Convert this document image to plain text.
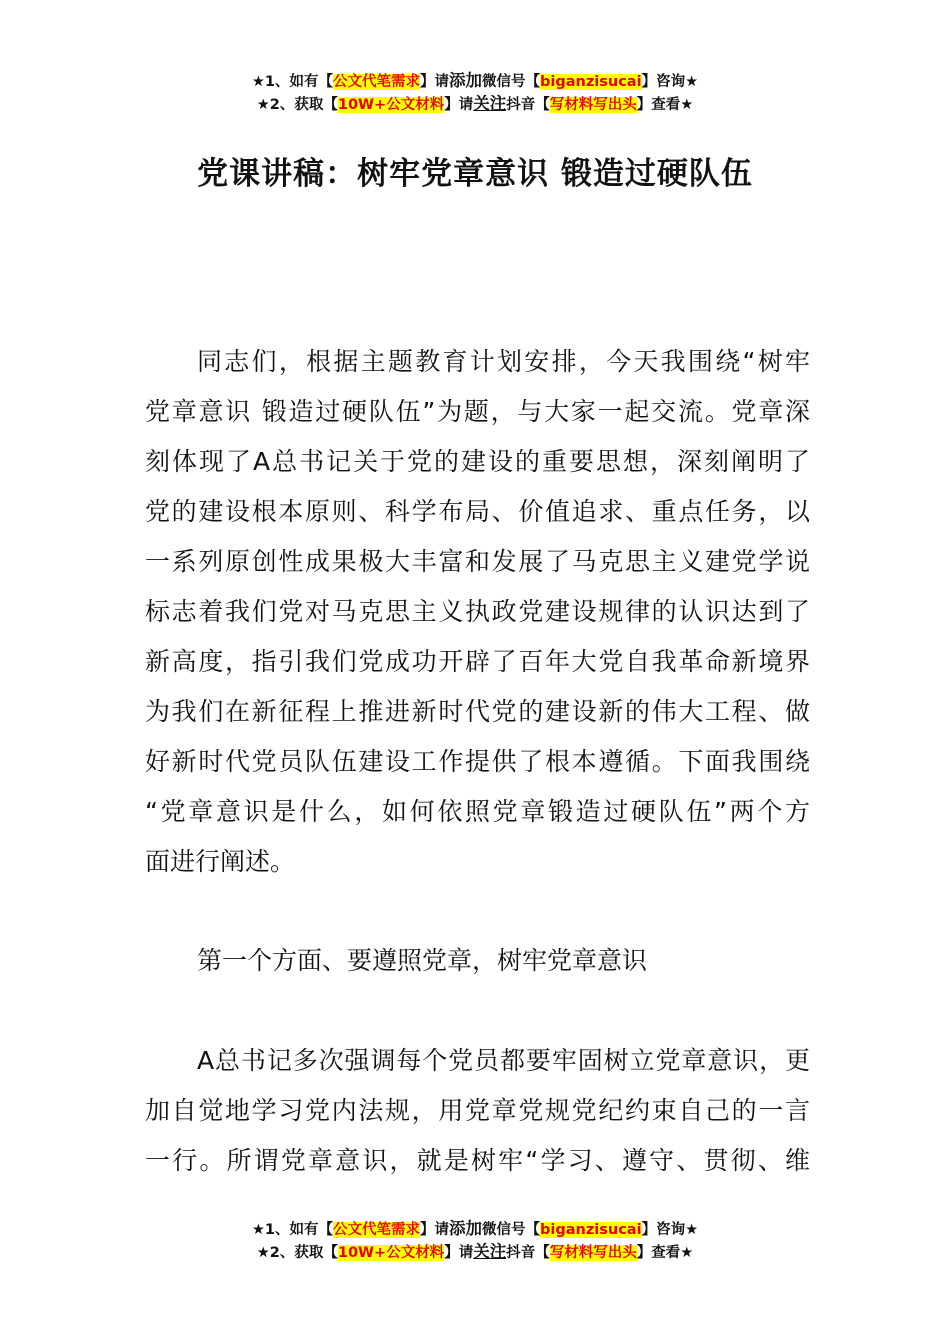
★1、如有【公文代笔需求】请添加微信号【biganzisucai】咨询★
★2、获取【10W+公文材料】请关注抖音【写材料写出头】查看★
党课讲稿：树牢党章意识 锻造过硬队伍
同志们，根据主题教育计划安排，今天我围绕“树牢
党章意识 锻造过硬队伍”为题，与大家一起交流。党章深
刻体现了A总书记关于党的建设的重要思想，深刻阐明了
党的建设根本原则、科学布局、价值追求、重点任务，以
一系列原创性成果极大丰富和发展了马克思主义建党学说
标志着我们党对马克思主义执政党建设规律的认识达到了
新高度，指引我们党成功开辟了百年大党自我革命新境界
为我们在新征程上推进新时代党的建设新的伟大工程、做
好新时代党员队伍建设工作提供了根本遵循。下面我围绕
“党章意识是什么，如何依照党章锻造过硬队伍”两个方
面进行阐述。
第一个方面、要遵照党章，树牢党章意识
A总书记多次强调每个党员都要牢固树立党章意识，更
加自觉地学习党内法规，用党章党规党纪约束自己的一言
一行。所谓党章意识，就是树牢“学习、遵守、贯彻、维
★1、如有【公文代笔需求】请添加微信号【biganzisucai】咨询★
★2、获取【10W+公文材料】请关注抖音【写材料写出头】查看★
